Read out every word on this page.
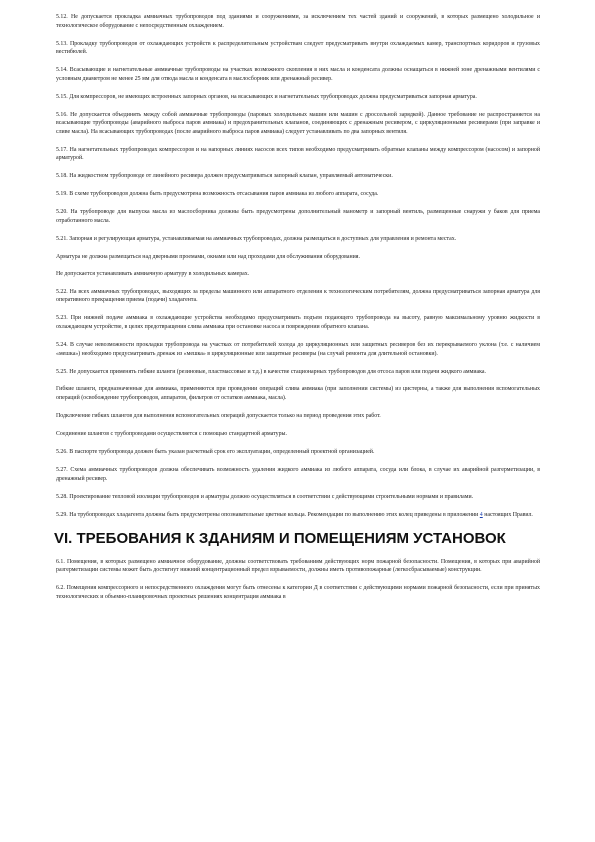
5.12. Не допускается прокладка аммиачных трубопроводов под зданиями и сооружениями, за исключением тех частей зданий и сооружений, в которых размещено холодильное и технологическое оборудование с непосредственным охлаждением.

5.13. Прокладку трубопроводов от охлаждающих устройств к распределительным устройствам следует предусматривать внутри охлаждаемых камер, транспортных коридоров и грузовых вестибюлей.

5.14. Всасывающие и нагнетательные аммиачные трубопроводы на участках возможного скопления в них масла и конденсата должны оснащаться в нижней зоне дренажными вентилями с условным диаметром не менее 25 мм для отвода масла и конденсата в маслосборник или дренажный ресивер.

5.15. Для компрессоров, не имеющих встроенных запорных органов, на всасывающих и нагнетательных трубопроводах должна предусматриваться запорная арматура.

5.16. Не допускается объединять между собой аммиачные трубопроводы (паровых холодильных машин или машин с дроссельной зарядкой). Данное требование не распространяется на всасывающие трубопроводы (аварийного выброса паров аммиака) и предохранительных клапанов, соединяющих с дренажным ресивером, с циркуляционными ресиверами (при заправке и сливе масла). На всасывающих трубопроводах (после аварийного выброса паров аммиака) следует устанавливать по два запорных вентиля.

5.17. На нагнетательных трубопроводах компрессоров и на напорных линиях насосов всех типов необходимо предусматривать обратные клапаны между компрессором (насосом) и запорной арматурой.

5.18. На жидкостном трубопроводе от линейного ресивера должен предусматриваться запорный клапан, управляемый автоматически.

5.19. В схеме трубопроводов должна быть предусмотрена возможность отсасывания паров аммиака из любого аппарата, сосуда.

5.20. На трубопроводе для выпуска масла из маслосборника должны быть предусмотрены дополнительный манометр и запорный вентиль, размещенные снаружи у баков для приема отработанного масла.

5.21. Запорная и регулирующая арматура, устанавливаемая на аммиачных трубопроводах, должна размещаться в доступных для управления и ремонта местах.

Арматура не должна размещаться над дверными проемами, окнами или над проходами для обслуживания оборудования.

Не допускается устанавливать аммиачную арматуру в холодильных камерах.

5.22. На всех аммиачных трубопроводах, выходящих за пределы машинного или аппаратного отделения к технологическим потребителям, должна предусматриваться запорная арматура для оперативного прекращения приема (подачи) хладагента.

5.23. При нижней подаче аммиака в охлаждающие устройства необходимо предусматривать подъем подающего трубопровода на высоту, равную максимальному уровню жидкости в охлаждающем устройстве, в целях предотвращения слива аммиака при остановке насоса и повреждении обратного клапана.

5.24. В случае невозможности прокладки трубопровода на участках от потребителей холода до циркуляционных или защитных ресиверов без их перекрываемого уклона (т.е. с наличием «мешка») необходимо предусматривать дренаж из «мешка» в циркуляционные или защитные ресиверы (на случай ремонта для длительной остановки).

5.25. Не допускается применять гибкие шланги (резиновые, пластмассовые и т.д.) в качестве стационарных трубопроводов для отсоса паров или подачи жидкого аммиака.

Гибкие шланги, предназначенные для аммиака, применяются при проведении операций слива аммиака (при заполнении системы) из цистерны, а также для выполнения вспомогательных операций (освобождение трубопроводов, аппаратов, фильтров от остатков аммиака, масла).

Подключение гибких шлангов для выполнения вспомогательных операций допускается только на период проведения этих работ.

Соединение шлангов с трубопроводами осуществляется с помощью стандартной арматуры.

5.26. В паспорте трубопровода должен быть указан расчетный срок его эксплуатации, определенный проектной организацией.

5.27. Схема аммиачных трубопроводов должна обеспечивать возможность удаления жидкого аммиака из любого аппарата, сосуда или блока, в случае их аварийной разгерметизации, в дренажный ресивер.

5.28. Проектирование тепловой изоляции трубопроводов и арматуры должно осуществляться в соответствии с действующими строительными нормами и правилами.

5.29. На трубопроводах хладагента должны быть предусмотрены опознавательные цветные кольца. Рекомендации по выполнению этих колец приведены в приложении 4 настоящих Правил.

VI. ТРЕБОВАНИЯ К ЗДАНИЯМ И ПОМЕЩЕНИЯМ УСТАНОВОК

6.1. Помещения, в которых размещено аммиачное оборудование, должны соответствовать требованиям действующих норм пожарной безопасности. Помещения, в которых при аварийной разгерметизации системы может быть достигнут нижний концентрационный предел взрываемости, должны иметь противопожарные (легкосбрасываемые) конструкции.

6.2. Помещения компрессорного и непосредственного охлаждения могут быть отнесены к категории Д в соответствии с действующими нормами пожарной безопасности, если при принятых технологических и объемно-планировочных проектных решениях концентрация аммиака в
